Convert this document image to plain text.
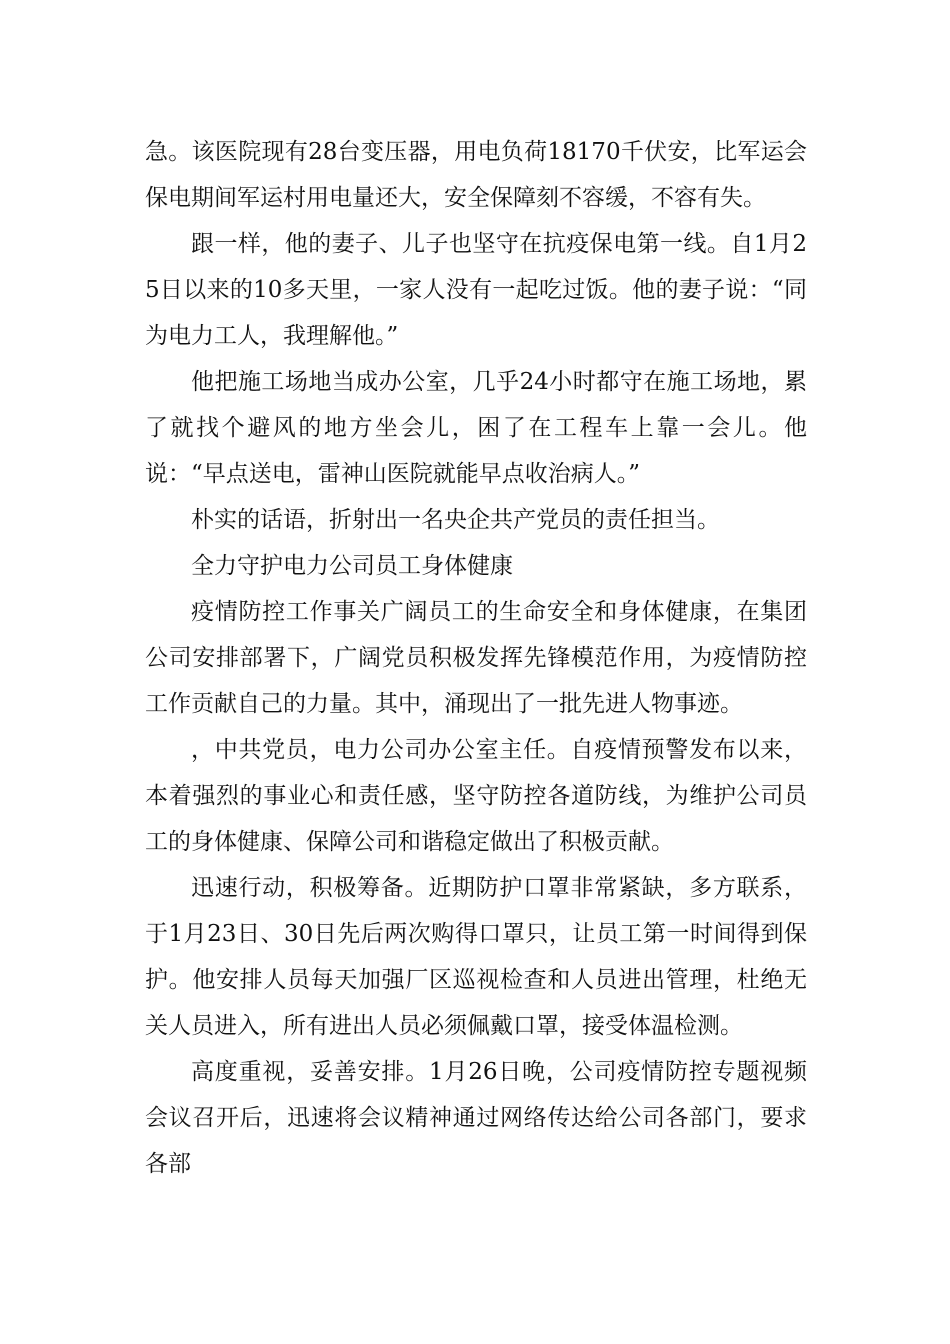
急。该医院现有28台变压器，用电负荷18170千伏安，比军运会保电期间军运村用电量还大，安全保障刻不容缓，不容有失。

跟一样，他的妻子、儿子也坚守在抗疫保电第一线。自1月25日以来的10多天里，一家人没有一起吃过饭。他的妻子说：“同为电力工人，我理解他。”

他把施工场地当成办公室，几乎24小时都守在施工场地，累了就找个避风的地方坐会儿，困了在工程车上靠一会儿。他说：“早点送电，雷神山医院就能早点收治病人。”

朴实的话语，折射出一名央企共产党员的责任担当。

全力守护电力公司员工身体健康

疫情防控工作事关广阔员工的生命安全和身体健康，在集团公司安排部署下，广阔党员积极发挥先锋模范作用，为疫情防控工作贡献自己的力量。其中，涌现出了一批先进人物事迹。

，中共党员，电力公司办公室主任。自疫情预警发布以来，本着强烈的事业心和责任感，坚守防控各道防线，为维护公司员工的身体健康、保障公司和谐稳定做出了积极贡献。

迅速行动，积极筹备。近期防护口罩非常紧缺，多方联系，于1月23日、30日先后两次购得口罩只，让员工第一时间得到保护。他安排人员每天加强厂区巡视检查和人员进出管理，杜绝无关人员进入，所有进出人员必须佩戴口罩，接受体温检测。

高度重视，妥善安排。1月26日晚，公司疫情防控专题视频会议召开后，迅速将会议精神通过网络传达给公司各部门，要求各部
